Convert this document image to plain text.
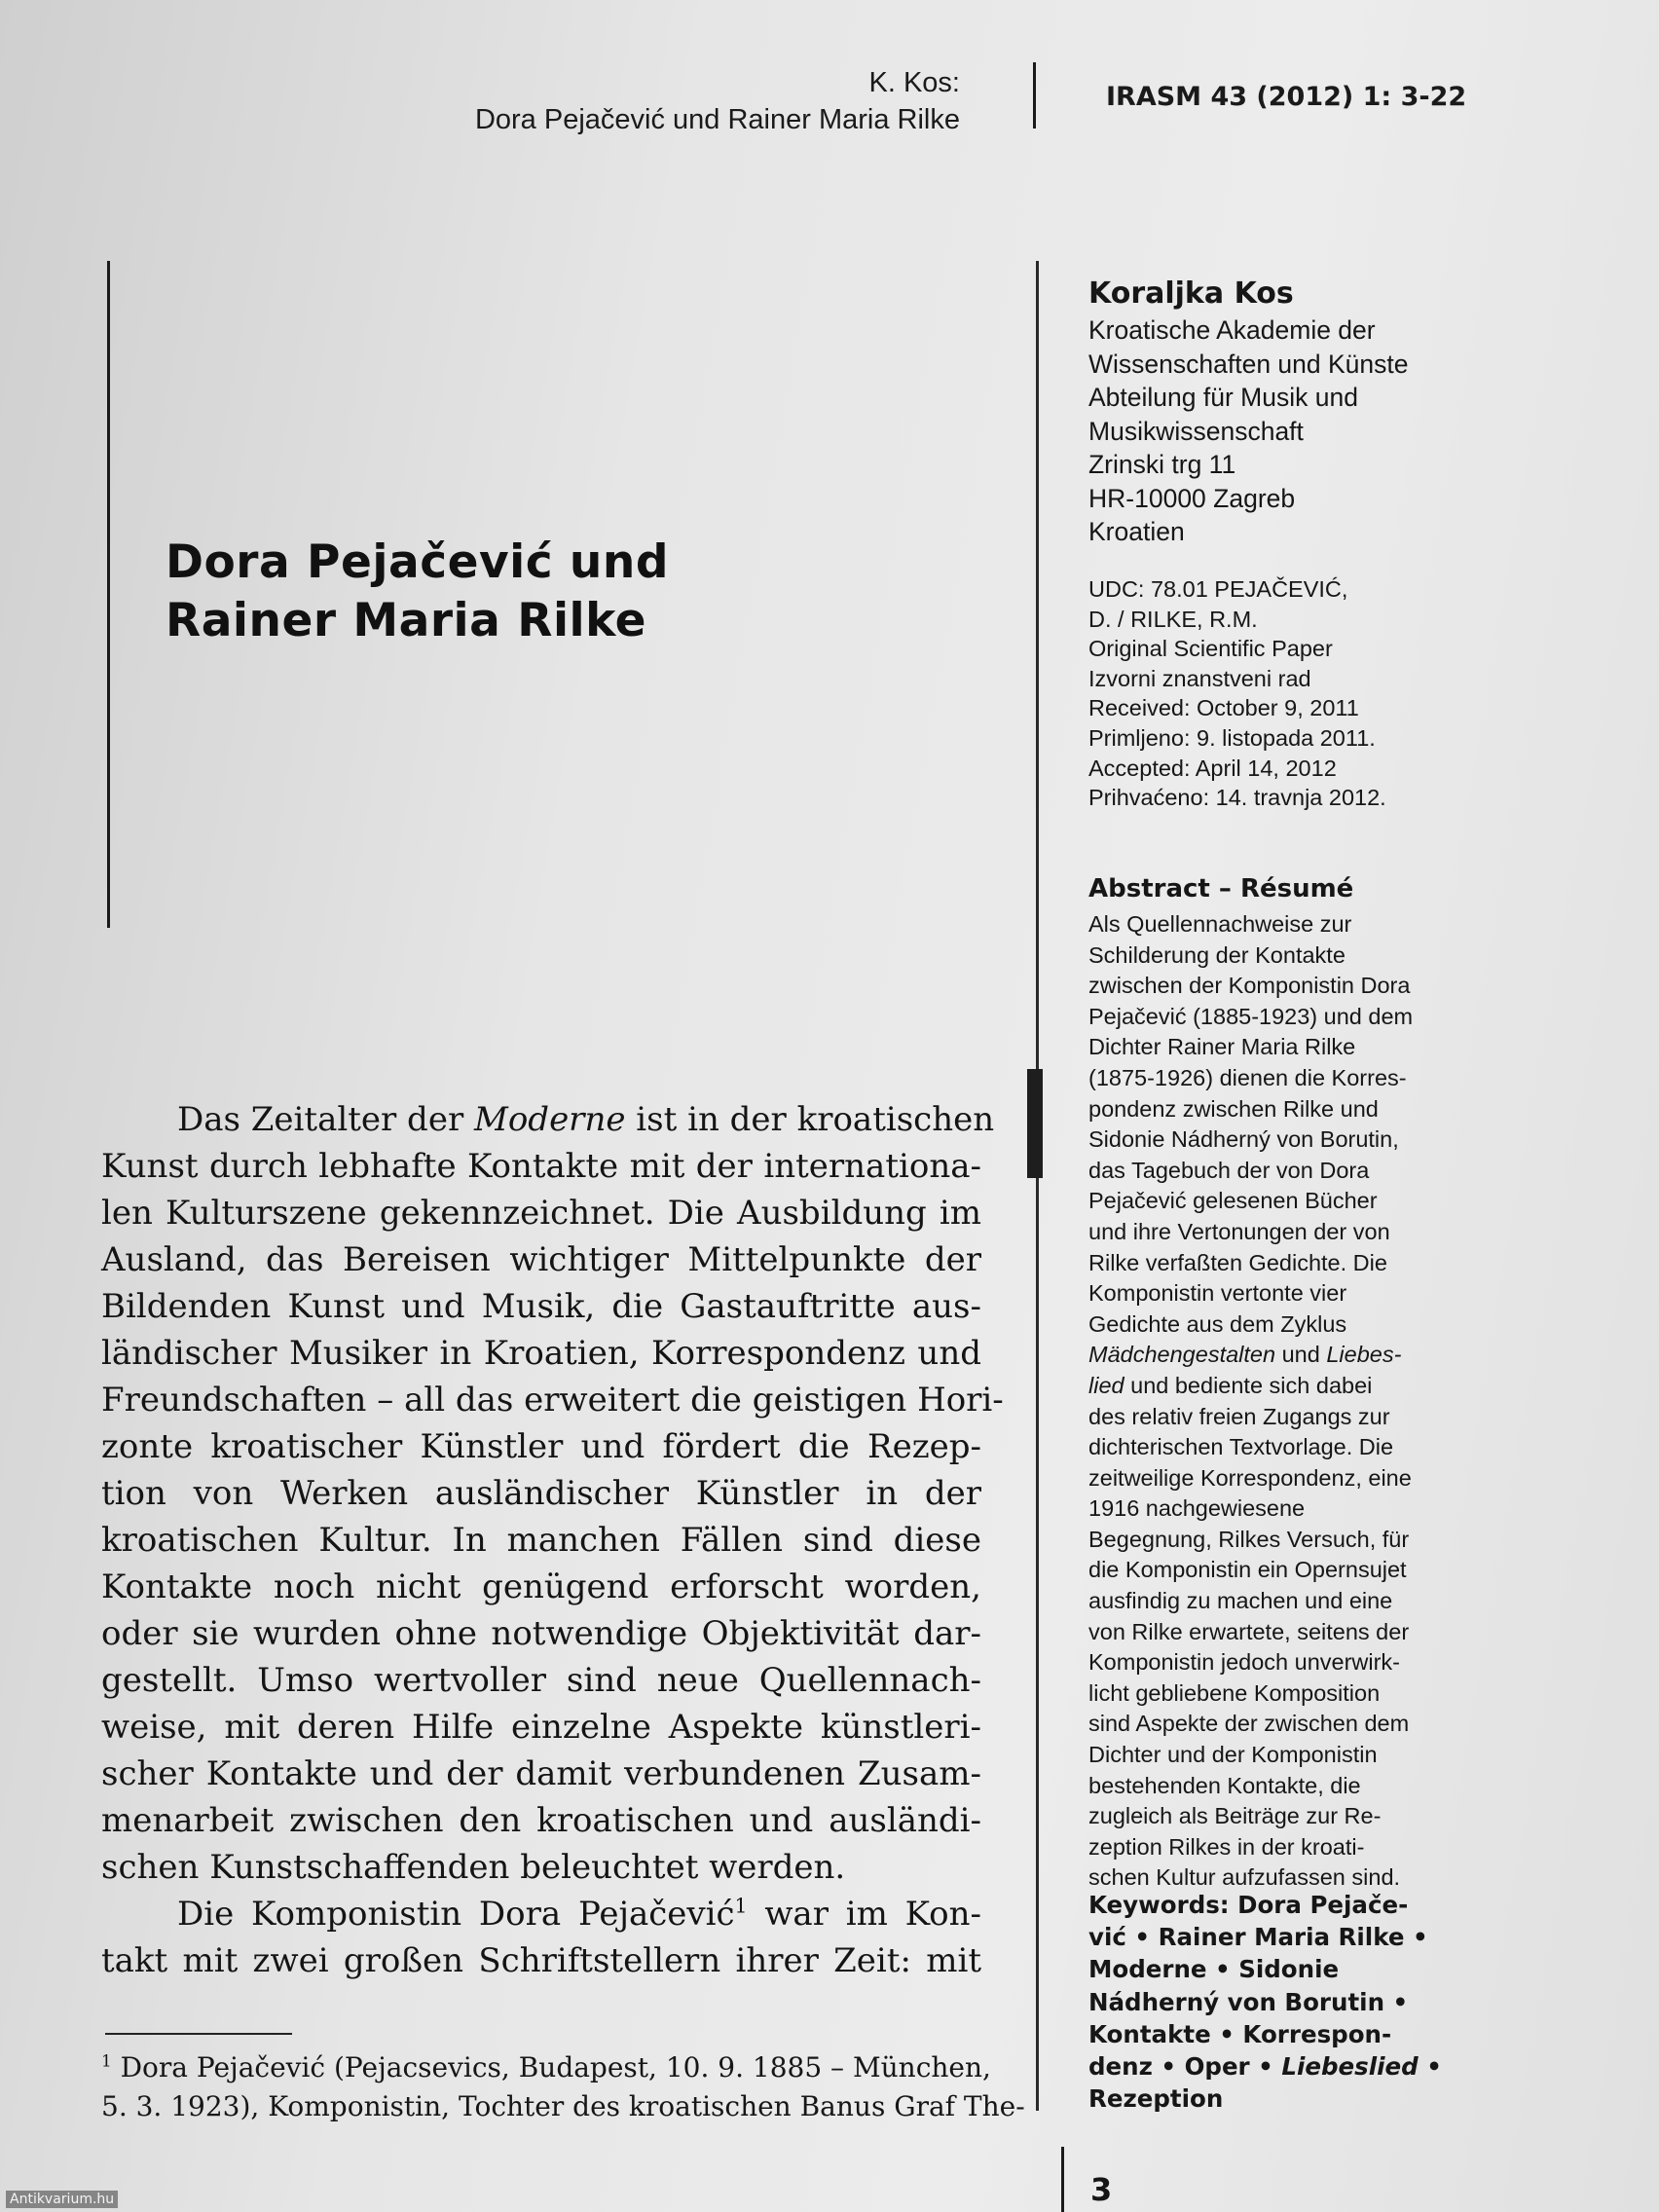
K. Kos:
Dora Pejačević und Rainer Maria Rilke
IRASM 43 (2012) 1: 3-22
Dora Pejačević und
Rainer Maria Rilke
Koraljka Kos
Kroatische Akademie der
Wissenschaften und Künste
Abteilung für Musik und
Musikwissenschaft
Zrinski trg 11
HR-10000 Zagreb
Kroatien
UDC: 78.01 PEJAČEVIĆ,
D. / RILKE, R.M.
Original Scientific Paper
Izvorni znanstveni rad
Received: October 9, 2011
Primljeno: 9. listopada 2011.
Accepted: April 14, 2012
Prihvaćeno: 14. travnja 2012.
Abstract – Résumé
Als Quellennachweise zur
Schilderung der Kontakte
zwischen der Komponistin Dora
Pejačević (1885-1923) und dem
Dichter Rainer Maria Rilke
(1875-1926) dienen die Korres-
pondenz zwischen Rilke und
Sidonie Nádherný von Borutin,
das Tagebuch der von Dora
Pejačević gelesenen Bücher
und ihre Vertonungen der von
Rilke verfaßten Gedichte. Die
Komponistin vertonte vier
Gedichte aus dem Zyklus
Mädchengestalten und Liebes-
lied und bediente sich dabei
des relativ freien Zugangs zur
dichterischen Textvorlage. Die
zeitweilige Korrespondenz, eine
1916 nachgewiesene
Begegnung, Rilkes Versuch, für
die Komponistin ein Opernsujet
ausfindig zu machen und eine
von Rilke erwartete, seitens der
Komponistin jedoch unverwirk-
licht gebliebene Komposition
sind Aspekte der zwischen dem
Dichter und der Komponistin
bestehenden Kontakte, die
zugleich als Beiträge zur Re-
zeption Rilkes in der kroati-
schen Kultur aufzufassen sind.
Keywords: Dora Pejače-
vić • Rainer Maria Rilke •
Moderne • Sidonie
Nádherný von Borutin •
Kontakte • Korrespon-
denz • Oper • Liebeslied •
Rezeption
Das Zeitalter der Moderne ist in der kroatischen
Kunst durch lebhafte Kontakte mit der internationa-
len Kulturszene gekennzeichnet. Die Ausbildung im
Ausland, das Bereisen wichtiger Mittelpunkte der
Bildenden Kunst und Musik, die Gastauftritte aus-
ländischer Musiker in Kroatien, Korrespondenz und
Freundschaften – all das erweitert die geistigen Hori-
zonte kroatischer Künstler und fördert die Rezep-
tion von Werken ausländischer Künstler in der
kroatischen Kultur. In manchen Fällen sind diese
Kontakte noch nicht genügend erforscht worden,
oder sie wurden ohne notwendige Objektivität dar-
gestellt. Umso wertvoller sind neue Quellennach-
weise, mit deren Hilfe einzelne Aspekte künstleri-
scher Kontakte und der damit verbundenen Zusam-
menarbeit zwischen den kroatischen und ausländi-
schen Kunstschaffenden beleuchtet werden.
Die Komponistin Dora Pejačević$^1$ war im Kon-
takt mit zwei großen Schriftstellern ihrer Zeit: mit
$^1$ Dora Pejačević (Pejacsevics, Budapest, 10. 9. 1885 – München,
5. 3. 1923), Komponistin, Tochter des kroatischen Banus Graf The-
3
Antikvarium.hu
